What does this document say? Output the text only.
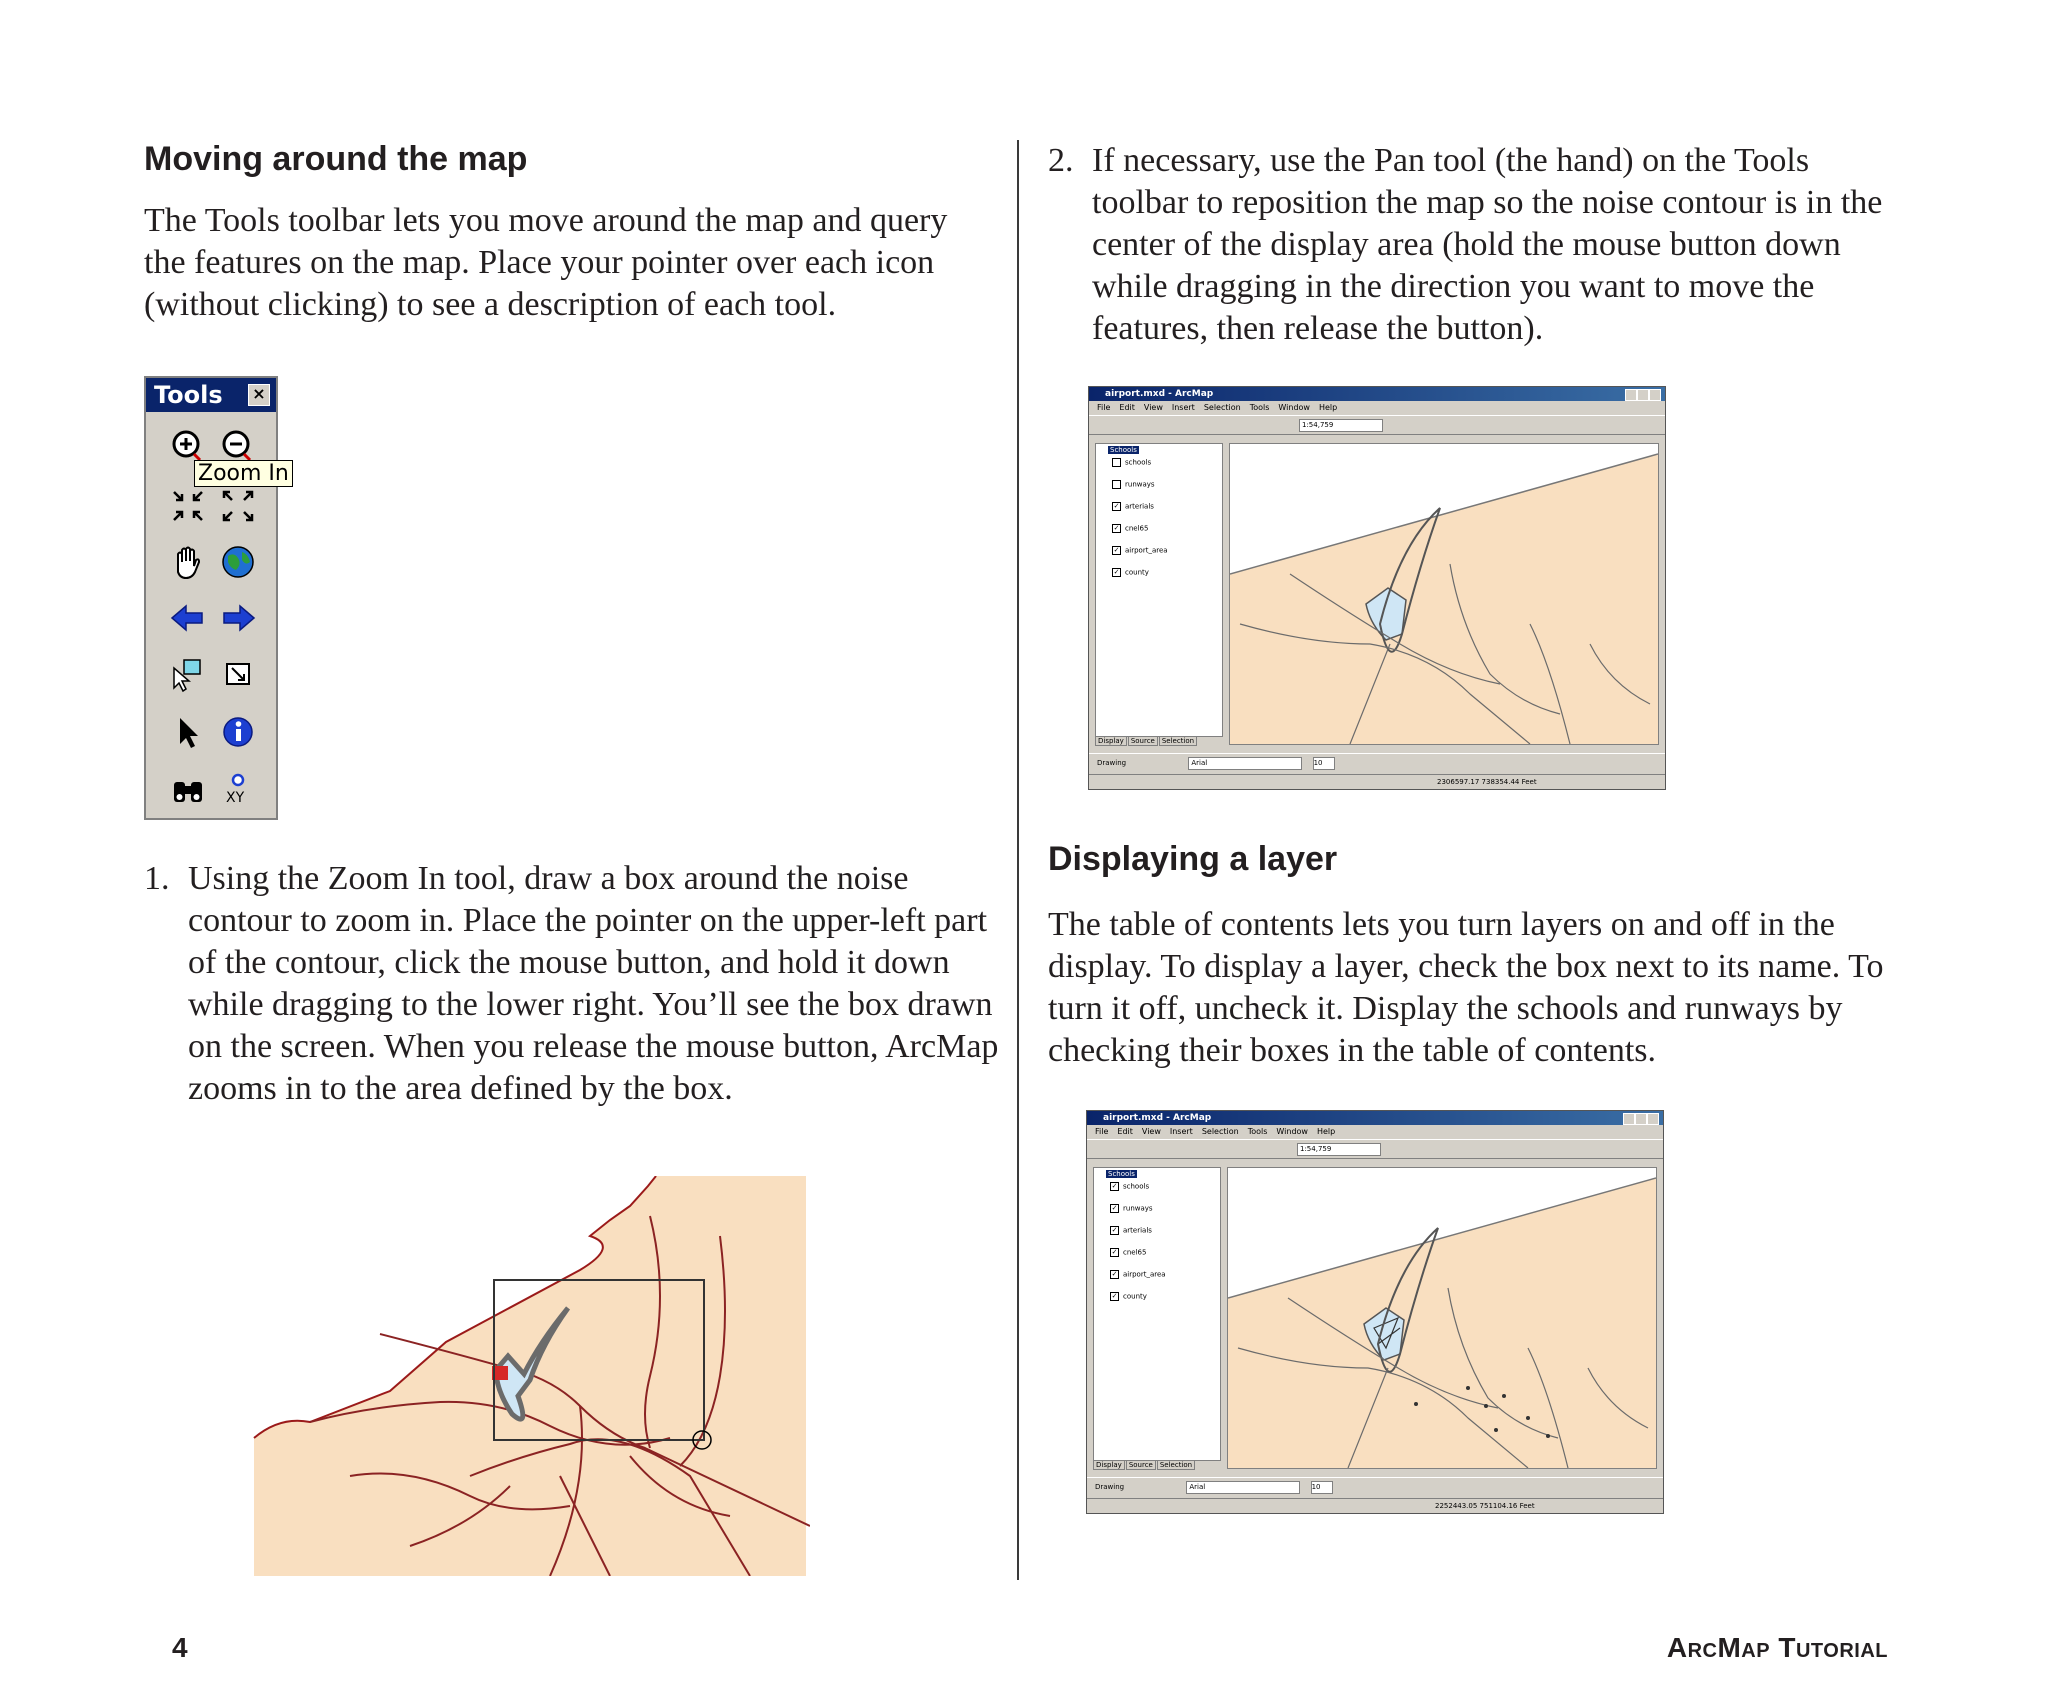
Moving around the map

The Tools toolbar lets you move around the map and query the features on the map. Place your pointer over each icon (without clicking) to see a description of each tool.

Tools ×
Zoom In
XY
1. Using the Zoom In tool, draw a box around the noise contour to zoom in. Place the pointer on the upper-left part of the contour, click the mouse button, and hold it down while dragging to the lower right. You’ll see the box drawn on the screen. When you release the mouse button, ArcMap zooms in to the area defined by the box.
2. If necessary, use the Pan tool (the hand) on the Tools toolbar to reposition the map so the noise contour is in the center of the display area (hold the mouse button down while dragging in the direction you want to move the features, then release the button).
airport.mxd - ArcMap
File Edit View Insert Selection Tools Window Help
1:54,759
Schools
schools
runways
✓ arterials
✓ cnel65
✓ airport_area
✓ county
Display Source Selection
Drawing	Arial	10
2306597.17 738354.44 Feet
Displaying a layer

The table of contents lets you turn layers on and off in the display. To display a layer, check the box next to its name. To turn it off, uncheck it. Display the schools and runways by checking their boxes in the table of contents.

airport.mxd - ArcMap
File Edit View Insert Selection Tools Window Help
1:54,759
Schools
✓ schools
✓ runways
✓ arterials
✓ cnel65
✓ airport_area
✓ county
Display Source Selection
Drawing	Arial	10
2252443.05 751104.16 Feet
4	ArcMap Tutorial
